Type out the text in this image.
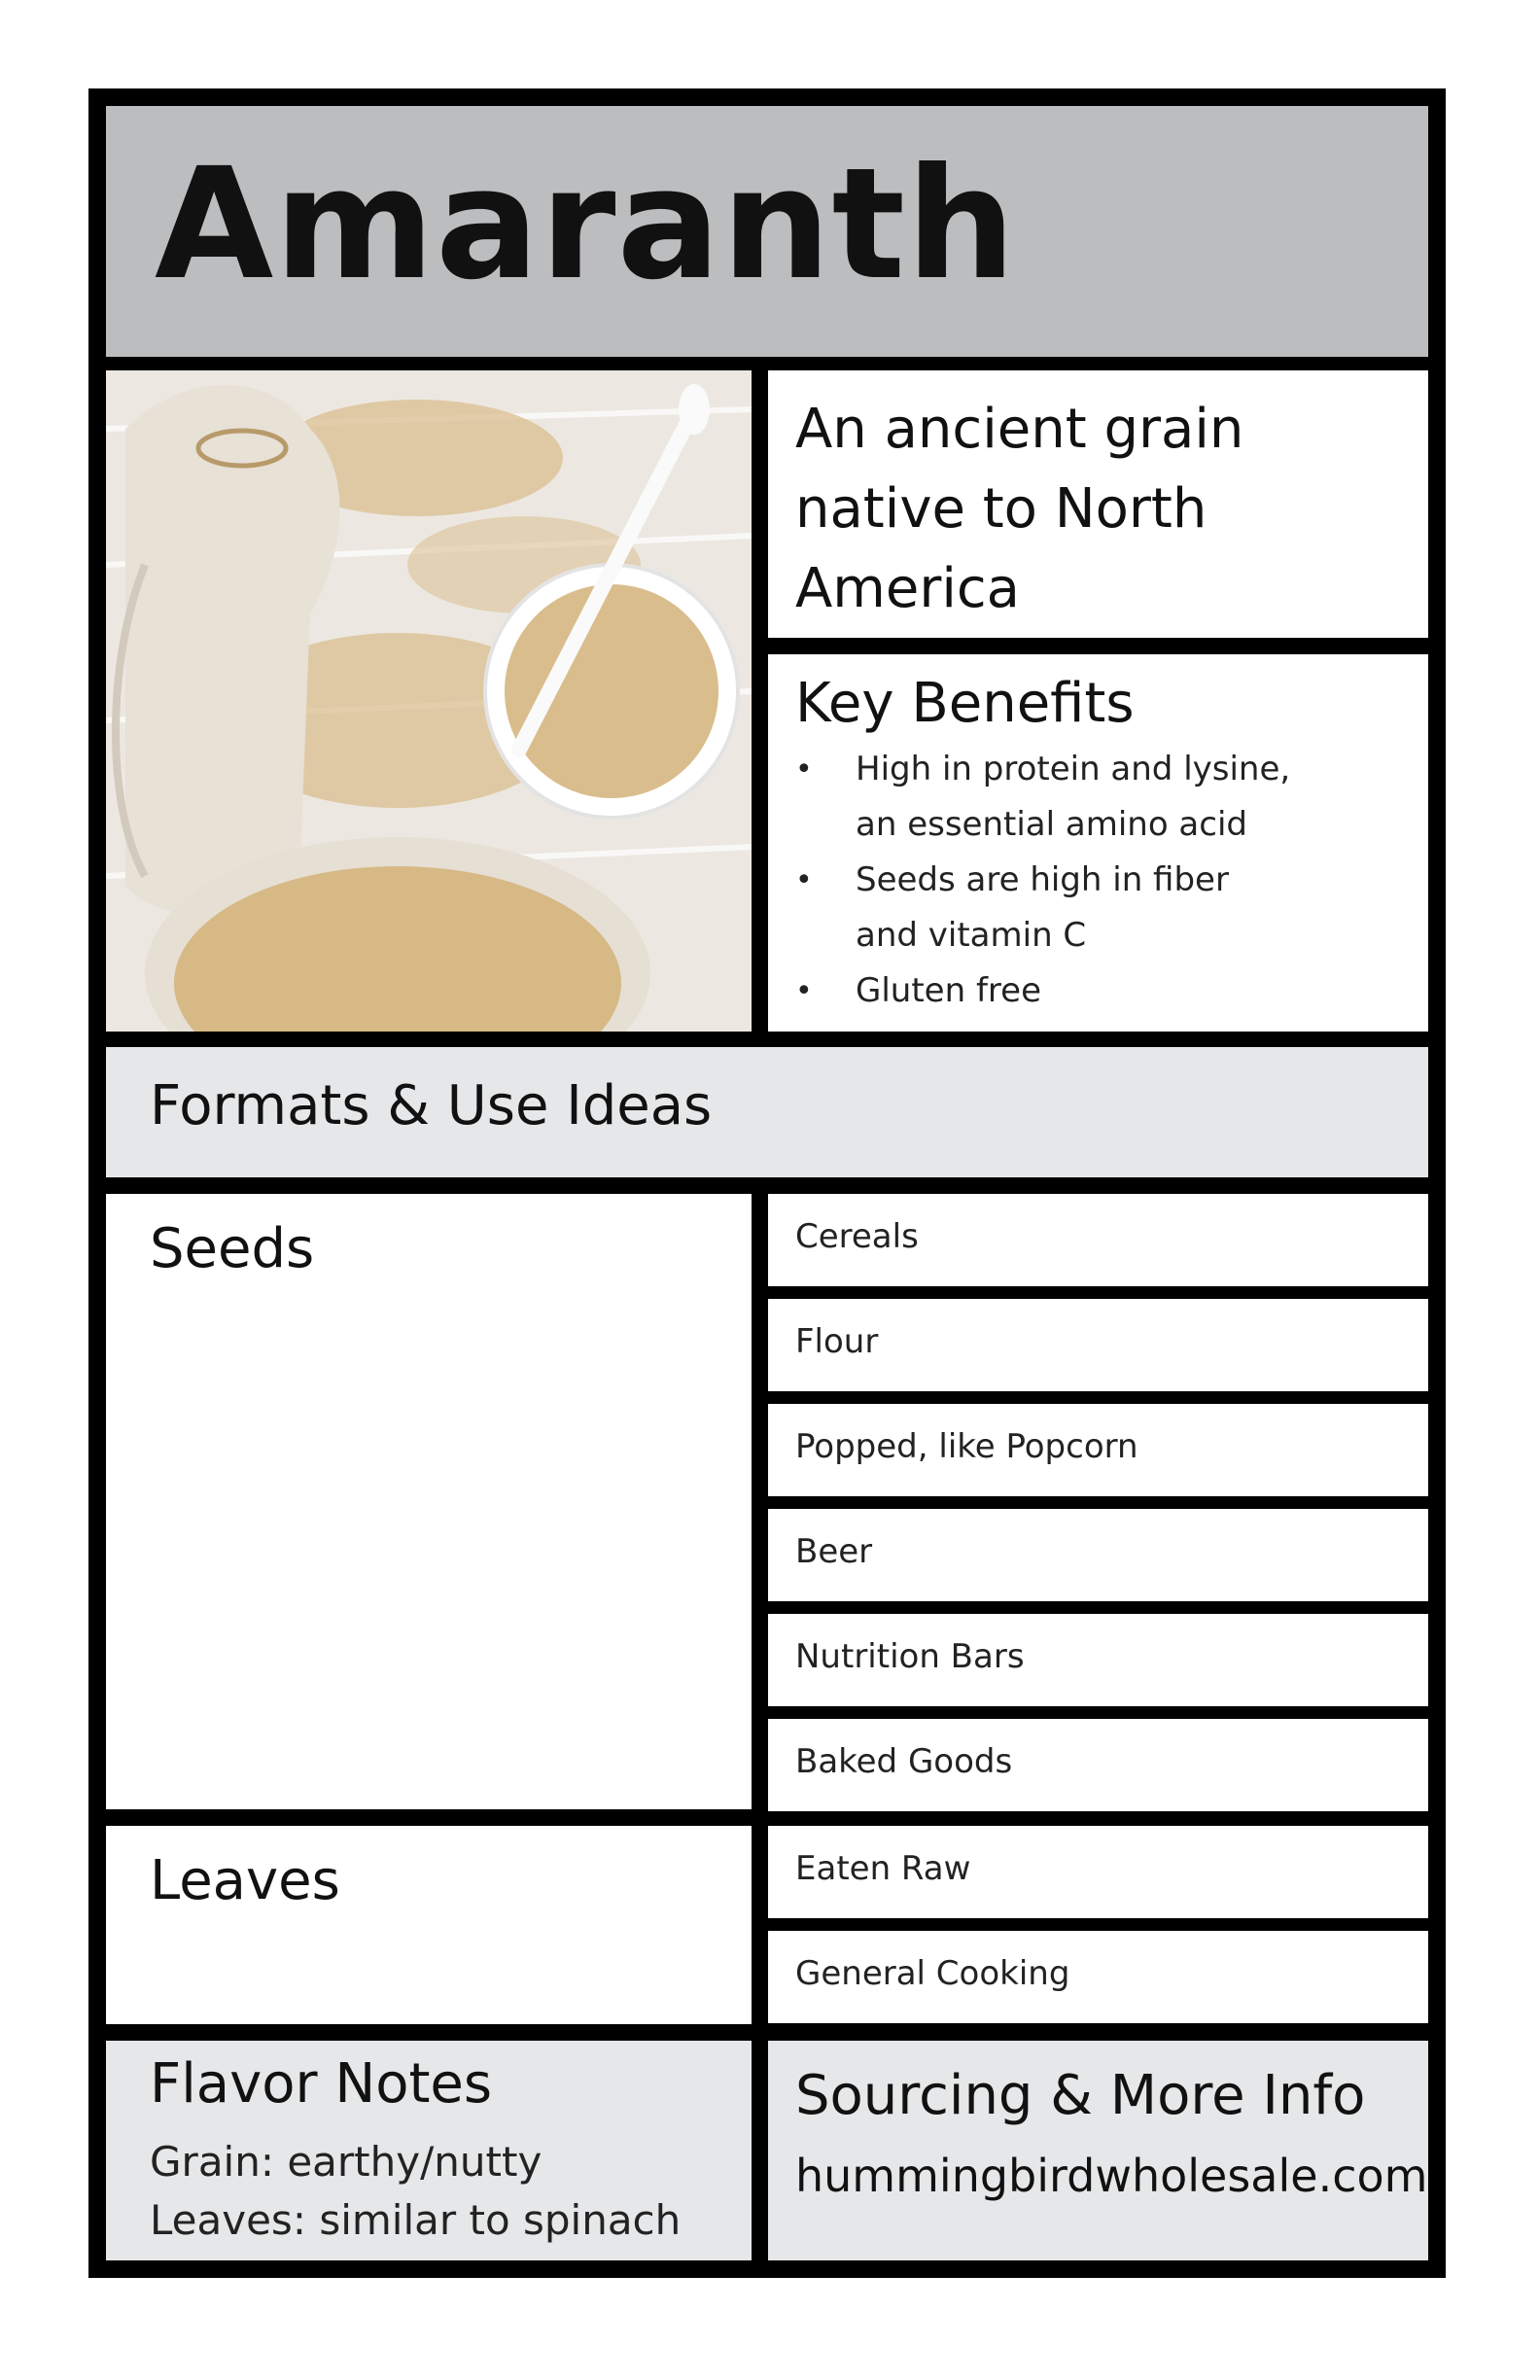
Amaranth

An ancient grain native to North America

Key Benefits
• High in protein and lysine, an essential amino acid
• Seeds are high in fiber and vitamin C
• Gluten free
Formats & Use Ideas
Seeds	Cereals
Flour
Popped, like Popcorn
Beer
Nutrition Bars
Baked Goods
Leaves	Eaten Raw
General Cooking
Flavor Notes
Grain: earthy/nutty
Leaves: similar to spinach
Sourcing & More Info
hummingbirdwholesale.com
